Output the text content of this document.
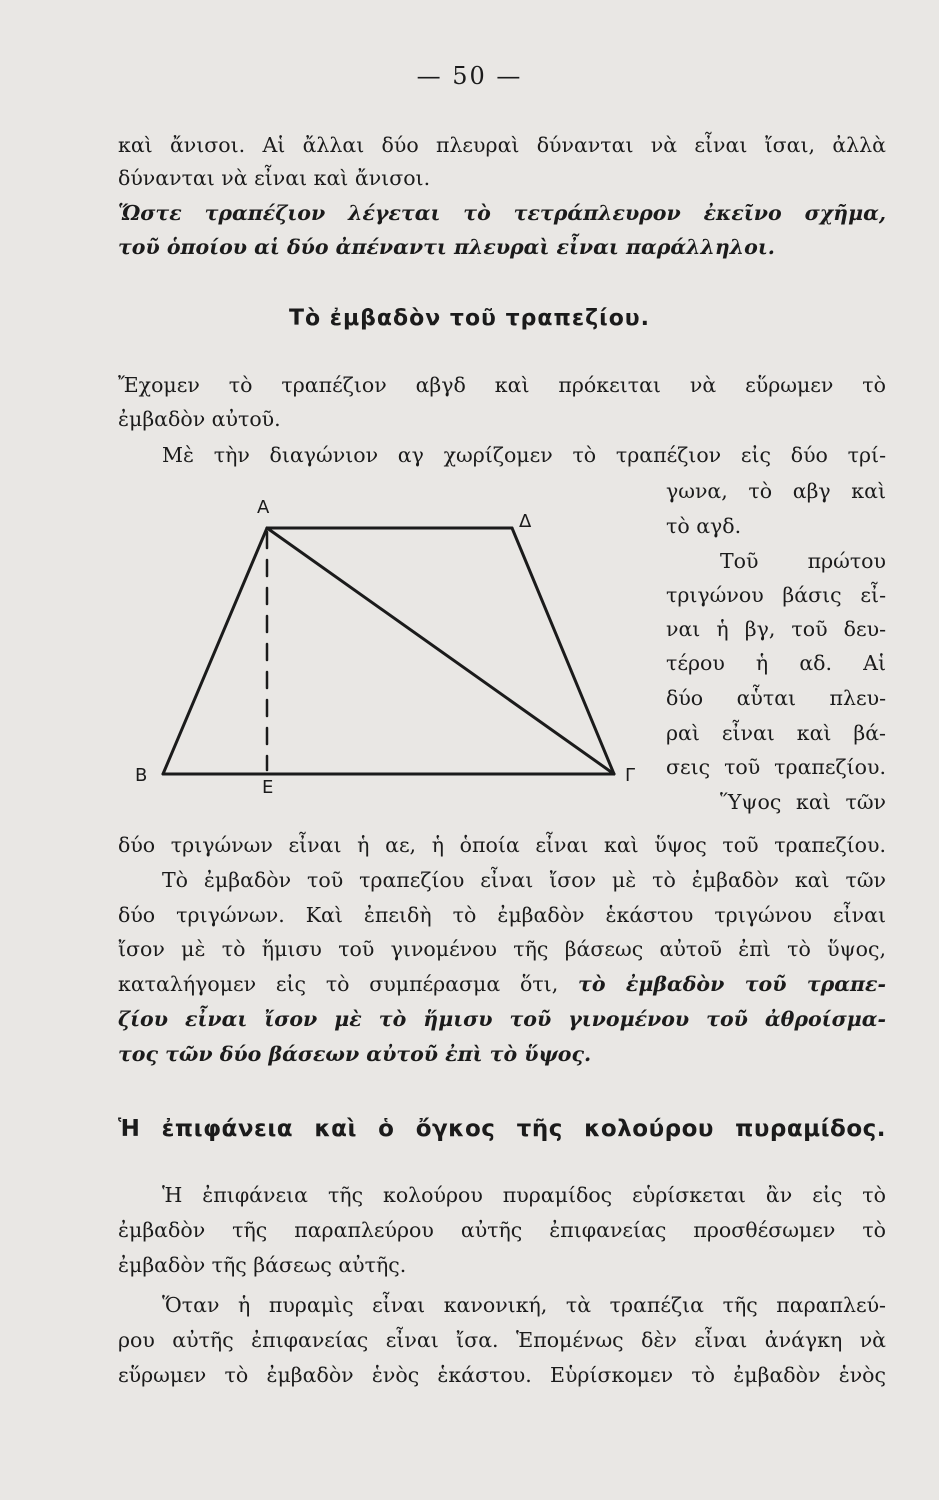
— 50 —
καὶ ἄνισοι. Αἱ ἄλλαι δύο πλευραὶ δύνανται νὰ εἶναι ἴσαι, ἀλλὰ
δύνανται νὰ εἶναι καὶ ἄνισοι.
Ὥστε τραπέζιον λέγεται τὸ τετράπλευρον ἐκεῖνο σχῆμα,
τοῦ ὁποίου αἱ δύο ἀπέναντι πλευραὶ εἶναι παράλληλοι.
Τὸ ἐμβαδὸν τοῦ τραπεζίου.
Ἔχομεν τὸ τραπέζιον αβγδ καὶ πρόκειται νὰ εὕρωμεν τὸ
ἐμβαδὸν αὐτοῦ.
Μὲ τὴν διαγώνιον αγ χωρίζομεν τὸ τραπέζιον εἰς δύο τρί-
γωνα, τὸ αβγ καὶ
τὸ αγδ.
Τοῦ πρώτου
τριγώνου βάσις εἶ-
ναι ἡ βγ, τοῦ δευ-
τέρου ἡ αδ. Αἱ
δύο αὗται πλευ-
ραὶ εἶναι καὶ βά-
σεις τοῦ τραπεζίου.
Ὕψος καὶ τῶν
Α
Δ
Β
Ε
Γ
δύο τριγώνων εἶναι ἡ αε, ἡ ὁποία εἶναι καὶ ὕψος τοῦ τραπεζίου.
Τὸ ἐμβαδὸν τοῦ τραπεζίου εἶναι ἴσον μὲ τὸ ἐμβαδὸν καὶ τῶν
δύο τριγώνων. Καὶ ἐπειδὴ τὸ ἐμβαδὸν ἑκάστου τριγώνου εἶναι
ἴσον μὲ τὸ ἥμισυ τοῦ γινομένου τῆς βάσεως αὐτοῦ ἐπὶ τὸ ὕψος,
καταλήγομεν εἰς τὸ συμπέρασμα ὅτι, τὸ ἐμβαδὸν τοῦ τραπε-
ζίου εἶναι ἴσον μὲ τὸ ἥμισυ τοῦ γινομένου τοῦ ἀθροίσμα-
τος τῶν δύο βάσεων αὐτοῦ ἐπὶ τὸ ὕψος.
Ἡ ἐπιφάνεια καὶ ὁ ὄγκος τῆς κολούρου πυραμίδος.
Ἡ ἐπιφάνεια τῆς κολούρου πυραμίδος εὑρίσκεται ἂν εἰς τὸ
ἐμβαδὸν τῆς παραπλεύρου αὐτῆς ἐπιφανείας προσθέσωμεν τὸ
ἐμβαδὸν τῆς βάσεως αὐτῆς.
Ὅταν ἡ πυραμὶς εἶναι κανονική, τὰ τραπέζια τῆς παραπλεύ-
ρου αὐτῆς ἐπιφανείας εἶναι ἴσα. Ἑπομένως δὲν εἶναι ἀνάγκη νὰ
εὕρωμεν τὸ ἐμβαδὸν ἑνὸς ἑκάστου. Εὑρίσκομεν τὸ ἐμβαδὸν ἑνὸς
